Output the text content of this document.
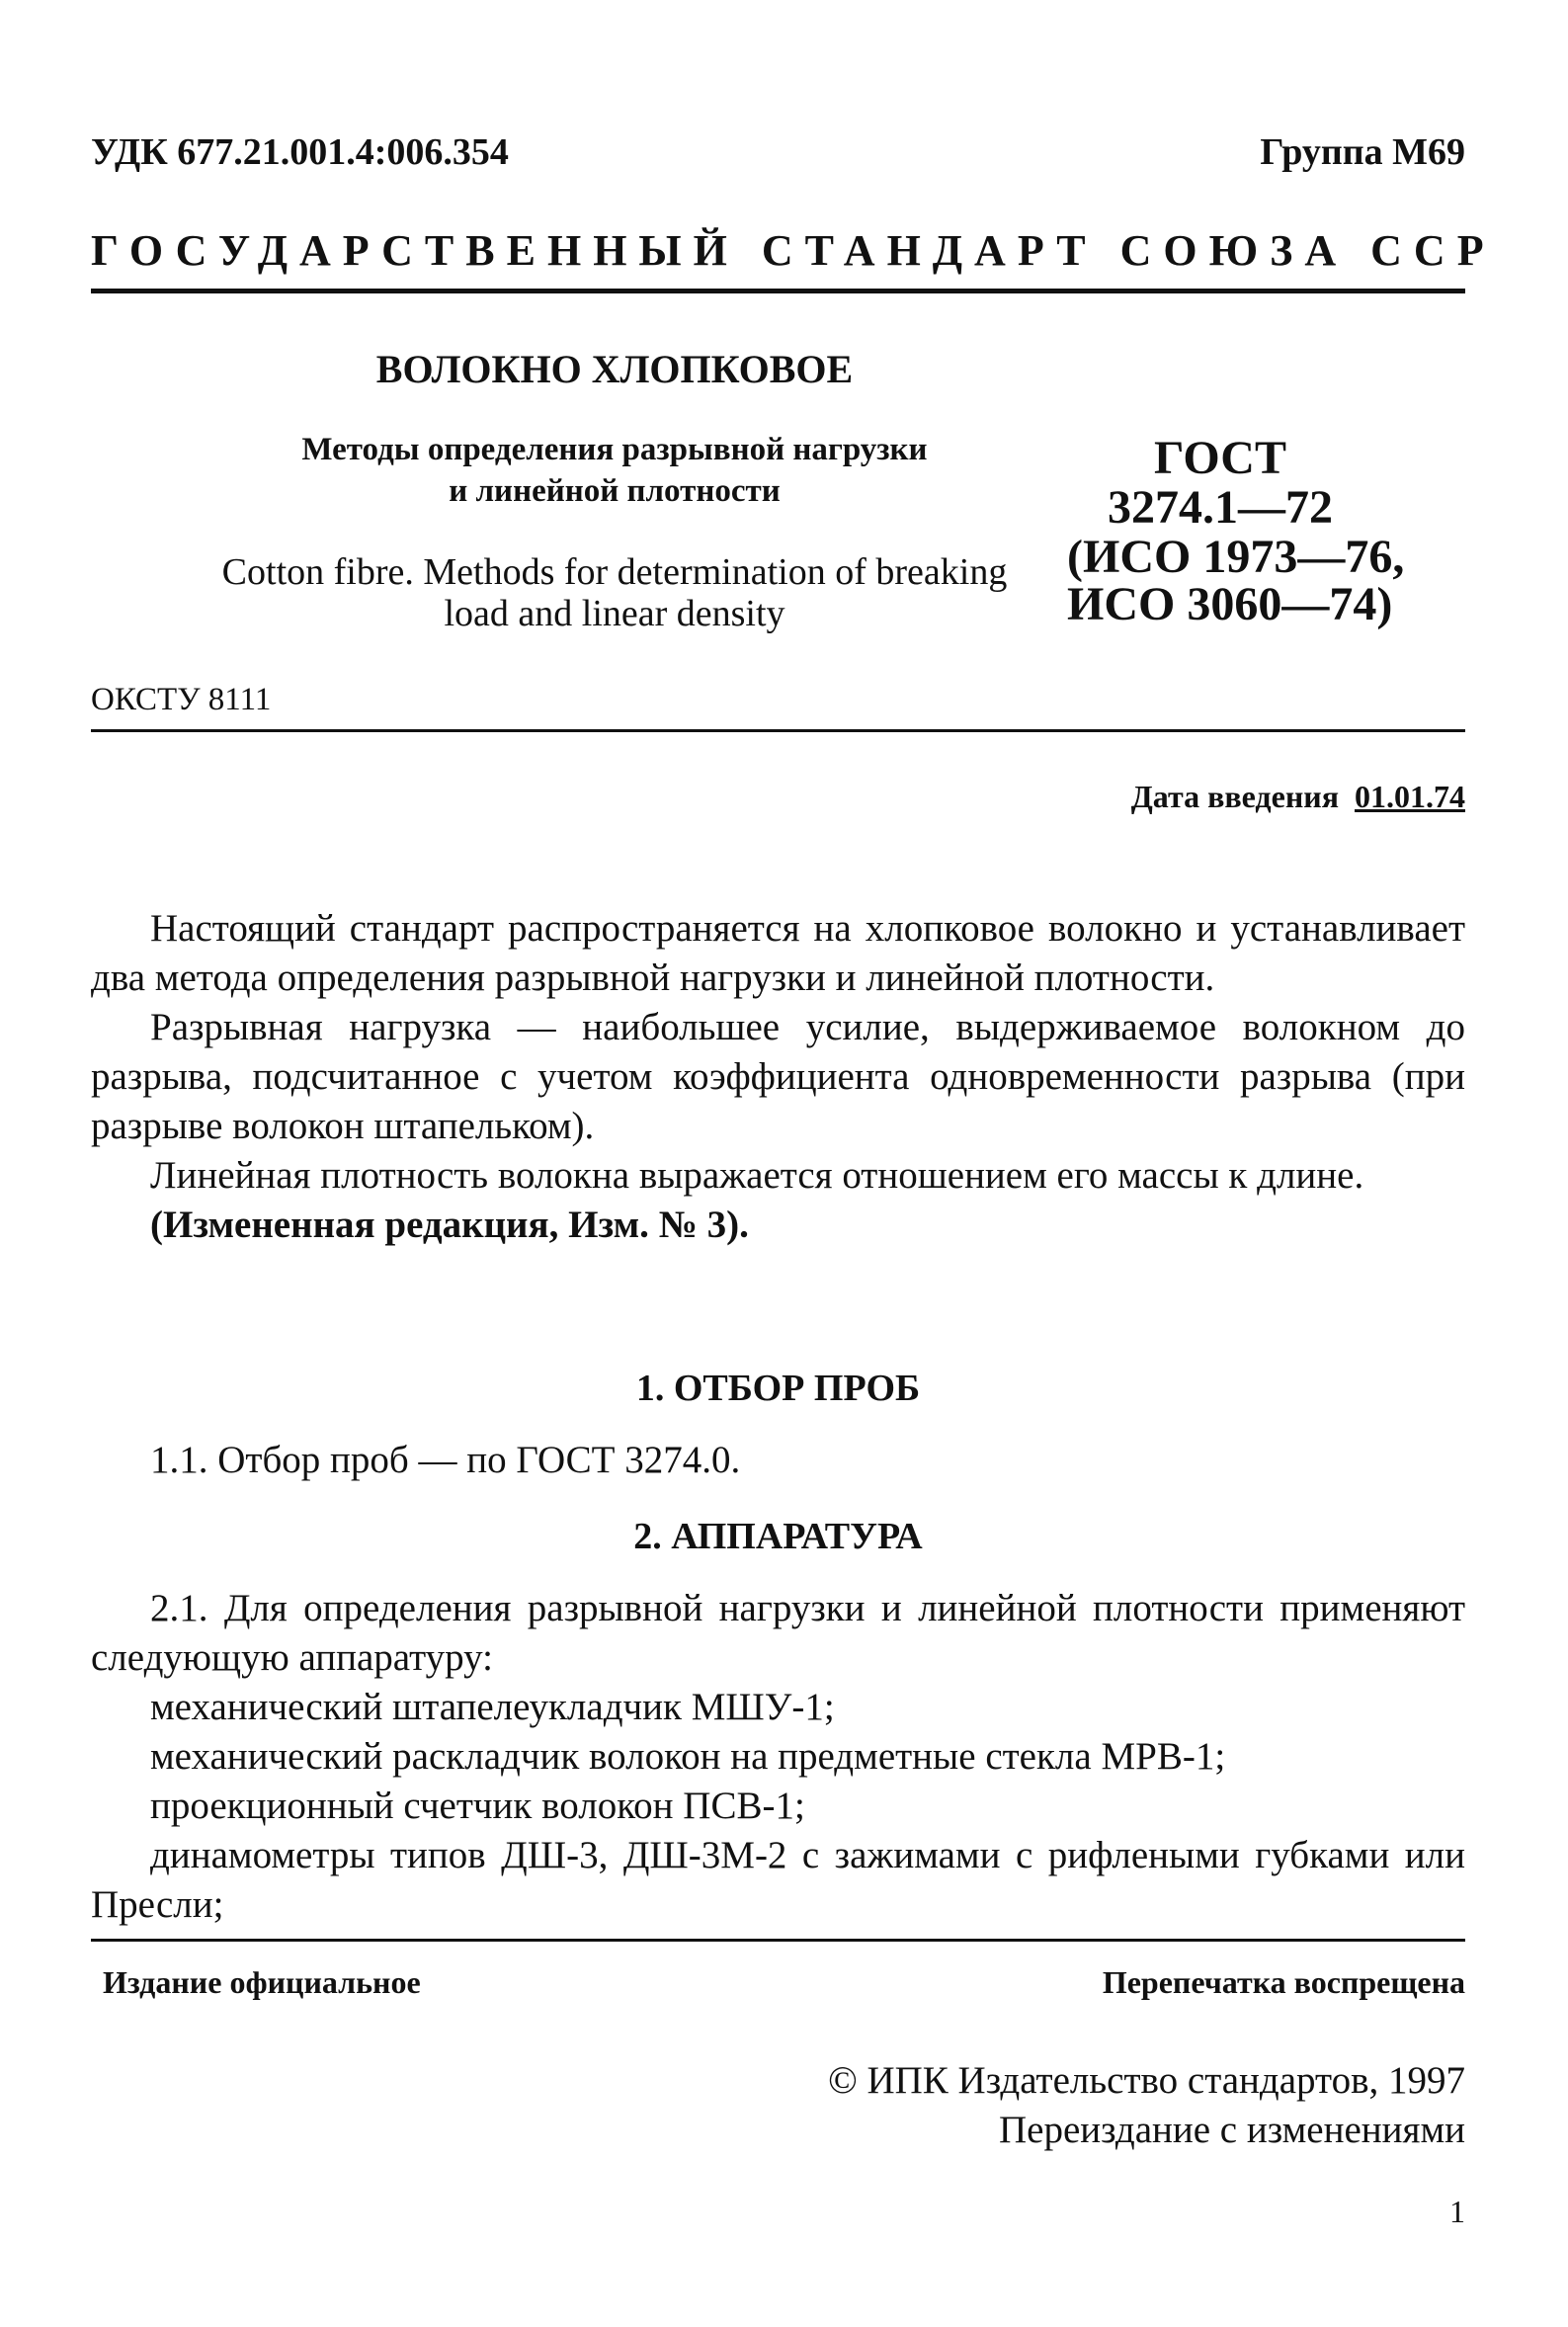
УДК 677.21.001.4:006.354	Группа М69
ГОСУДАРСТВЕННЫЙ СТАНДАРТ СОЮЗА ССР
ВОЛОКНО ХЛОПКОВОЕ
Методы определения разрывной нагрузки
и линейной плотности
Cotton fibre. Methods for determination of breaking
load and linear density
ГОСТ
3274.1—72
(ИСО 1973—76,
ИСО 3060—74)
ОКСТУ 8111
Дата введения 01.01.74

Настоящий стандарт распространяется на хлопковое волокно и устанавливает два метода определения разрывной нагрузки и линейной плотности.

Разрывная нагрузка — наибольшее усилие, выдерживаемое волокном до разрыва, подсчитанное с учетом коэффициента одновременности разрыва (при разрыве волокон штапельком).

Линейная плотность волокна выражается отношением его массы к длине.

(Измененная редакция, Изм. № 3).

1. ОТБОР ПРОБ
1.1. Отбор проб — по ГОСТ 3274.0.
2. АППАРАТУРА

2.1. Для определения разрывной нагрузки и линейной плотности применяют следующую аппаратуру:

механический штапелеукладчик МШУ-1;

механический раскладчик волокон на предметные стекла МРВ-1;

проекционный счетчик волокон ПСВ-1;

динамометры типов ДШ-3, ДШ-3М-2 с зажимами с рифлеными губками или Пресли;

Издание официальное	Перепечатка воспрещена
© ИПК Издательство стандартов, 1997
Переиздание с изменениями
1
